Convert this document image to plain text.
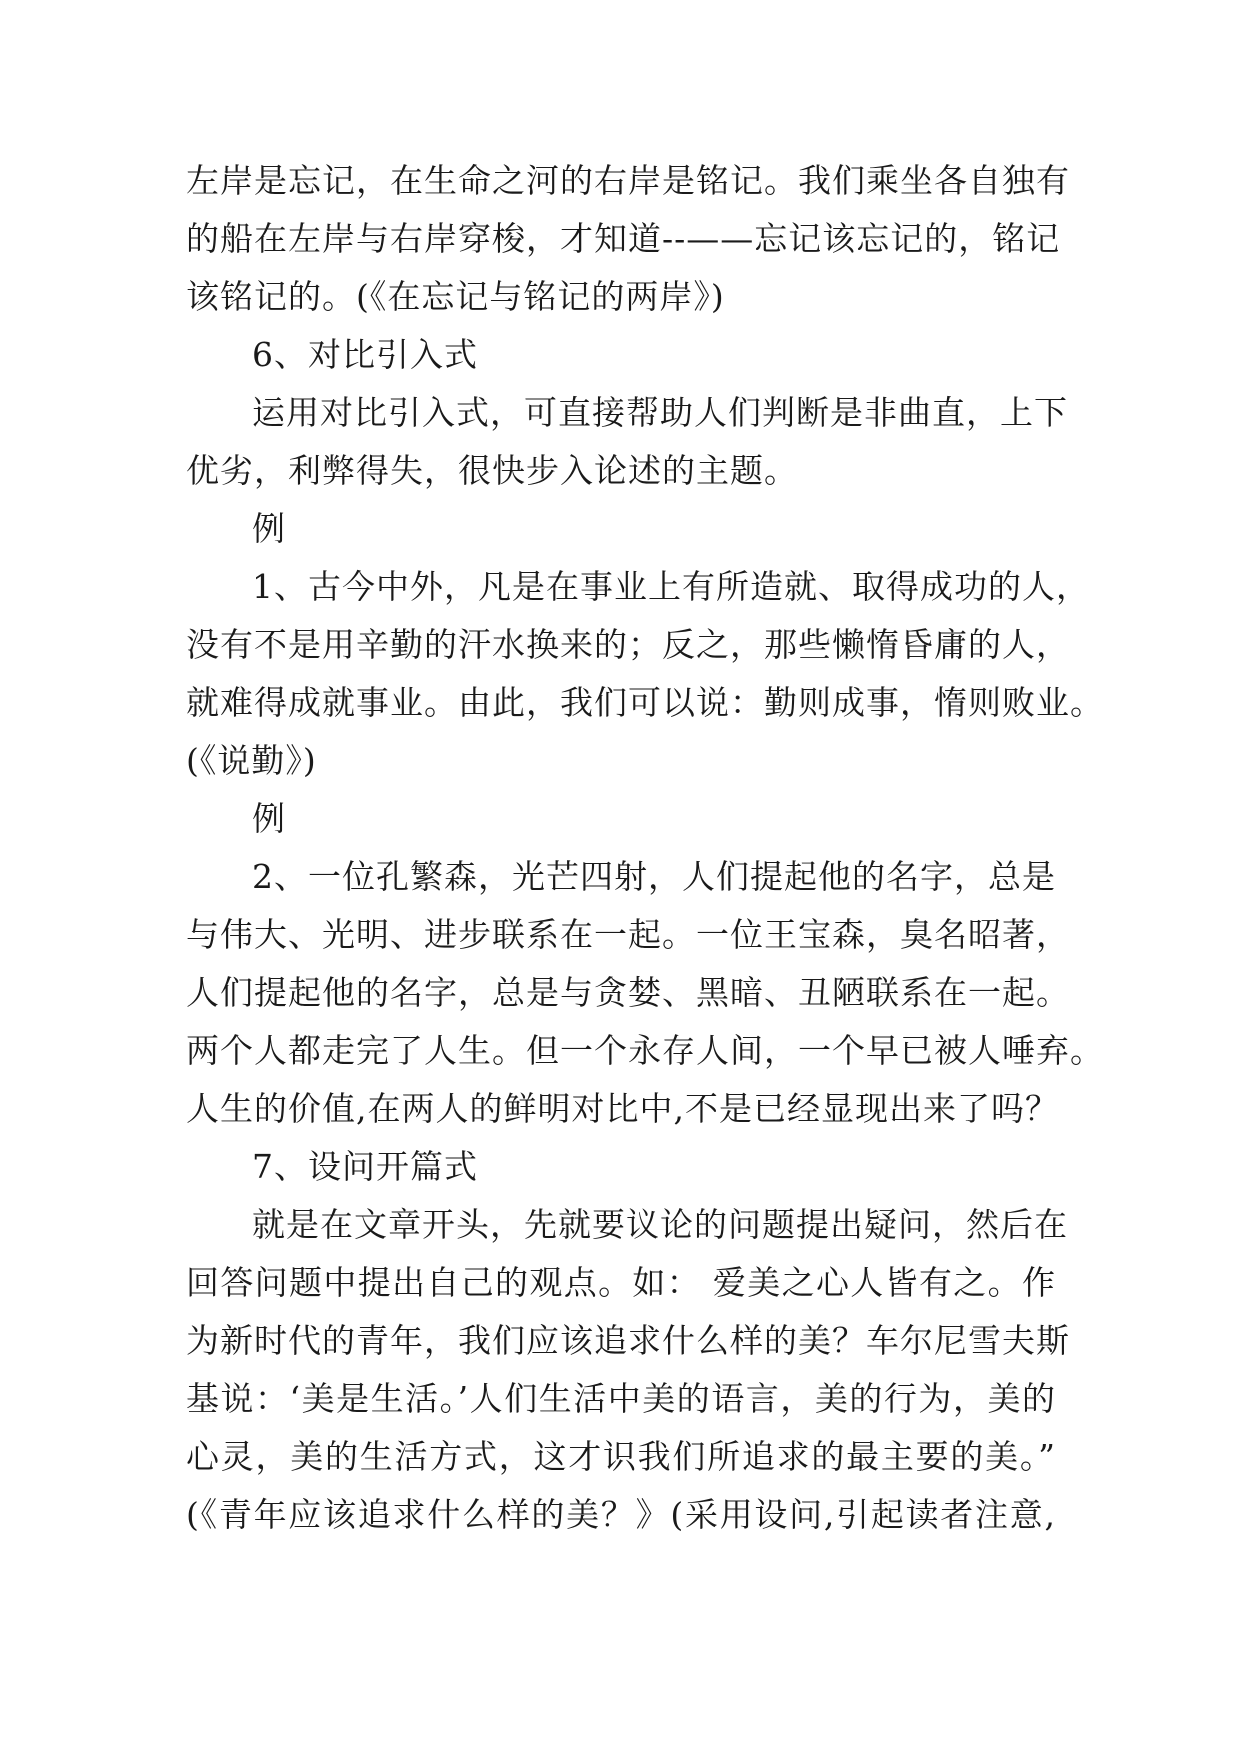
左岸是忘记，在生命之河的右岸是铭记。我们乘坐各自独有
的船在左岸与右岸穿梭，才知道--——忘记该忘记的，铭记
该铭记的。(《在忘记与铭记的两岸》)
6、对比引入式
运用对比引入式，可直接帮助人们判断是非曲直，上下
优劣，利弊得失，很快步入论述的主题。
例
1、古今中外，凡是在事业上有所造就、取得成功的人，
没有不是用辛勤的汗水换来的；反之，那些懒惰昏庸的人，
就难得成就事业。由此，我们可以说：勤则成事，惰则败业。
(《说勤》)
例
2、一位孔繁森，光芒四射，人们提起他的名字，总是
与伟大、光明、进步联系在一起。一位王宝森，臭名昭著，
人们提起他的名字，总是与贪婪、黑暗、丑陋联系在一起。
两个人都走完了人生。但一个永存人间，一个早已被人唾弃。
人生的价值,在两人的鲜明对比中,不是已经显现出来了吗？
7、设问开篇式
就是在文章开头，先就要议论的问题提出疑问，然后在
回答问题中提出自己的观点。如： 爱美之心人皆有之。作
为新时代的青年，我们应该追求什么样的美？车尔尼雪夫斯
基说：‘美是生活。’人们生活中美的语言，美的行为，美的
心灵，美的生活方式，这才识我们所追求的最主要的美。”
(《青年应该追求什么样的美？》(采用设问,引起读者注意,
